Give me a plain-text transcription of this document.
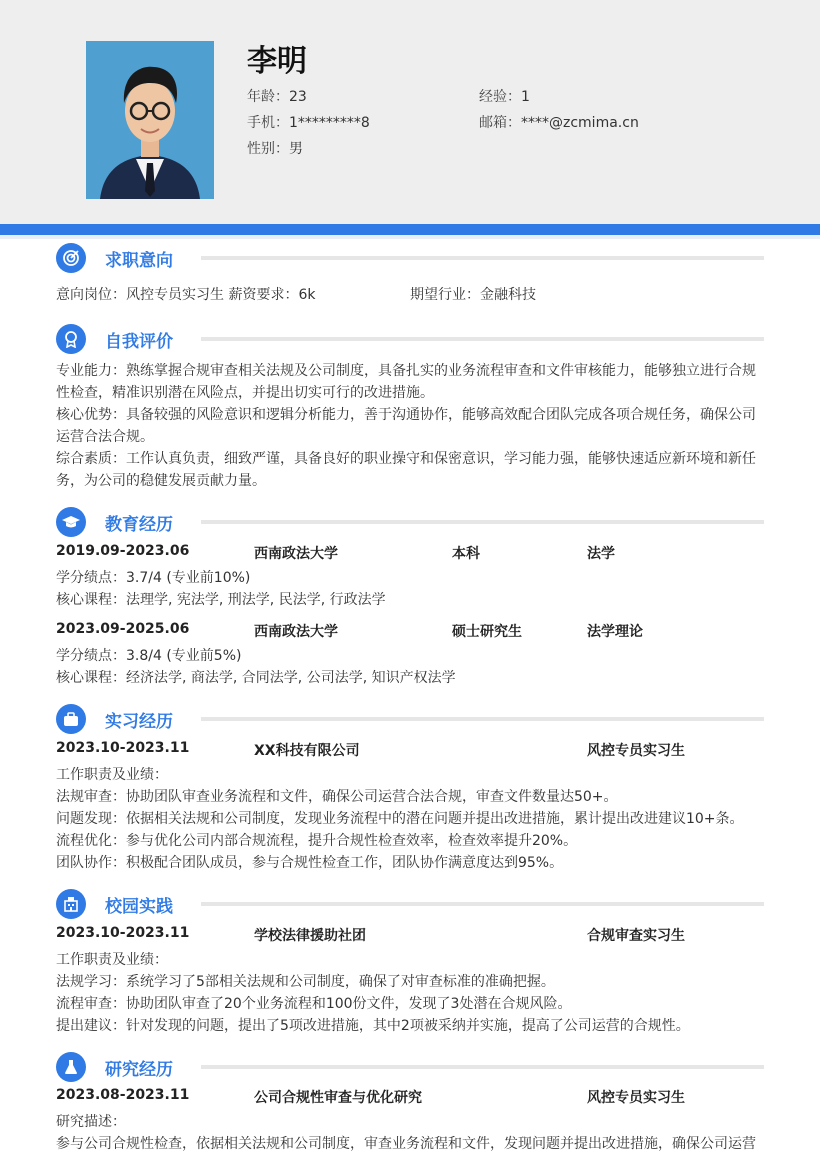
李明
年龄：23	经验：1
手机：1*********8	邮箱：****@zcmima.cn
性别：男
求职意向
意向岗位：风控专员实习生 薪资要求：6k	期望行业：金融科技
自我评价
专业能力：熟练掌握合规审查相关法规及公司制度，具备扎实的业务流程审查和文件审核能力，能够独立进行合规性检查，精准识别潜在风险点，并提出切实可行的改进措施。
核心优势：具备较强的风险意识和逻辑分析能力，善于沟通协作，能够高效配合团队完成各项合规任务，确保公司运营合法合规。
综合素质：工作认真负责，细致严谨，具备良好的职业操守和保密意识，学习能力强，能够快速适应新环境和新任务，为公司的稳健发展贡献力量。
教育经历
2019.09-2023.06	西南政法大学	本科	法学
学分绩点：3.7/4 (专业前10%)
核心课程：法理学, 宪法学, 刑法学, 民法学, 行政法学
2023.09-2025.06	西南政法大学	硕士研究生	法学理论
学分绩点：3.8/4 (专业前5%)
核心课程：经济法学, 商法学, 合同法学, 公司法学, 知识产权法学
实习经历
2023.10-2023.11	XX科技有限公司	风控专员实习生
工作职责及业绩：
法规审查：协助团队审查业务流程和文件，确保公司运营合法合规，审查文件数量达50+。
问题发现：依据相关法规和公司制度，发现业务流程中的潜在问题并提出改进措施，累计提出改进建议10+条。
流程优化：参与优化公司内部合规流程，提升合规性检查效率，检查效率提升20%。
团队协作：积极配合团队成员，参与合规性检查工作，团队协作满意度达到95%。
校园实践
2023.10-2023.11	学校法律援助社团	合规审查实习生
工作职责及业绩：
法规学习：系统学习了5部相关法规和公司制度，确保了对审查标准的准确把握。
流程审查：协助团队审查了20个业务流程和100份文件，发现了3处潜在合规风险。
提出建议：针对发现的问题，提出了5项改进措施，其中2项被采纳并实施，提高了公司运营的合规性。
研究经历
2023.08-2023.11	公司合规性审查与优化研究	风控专员实习生
研究描述：
参与公司合规性检查，依据相关法规和公司制度，审查业务流程和文件，发现问题并提出改进措施，确保公司运营
